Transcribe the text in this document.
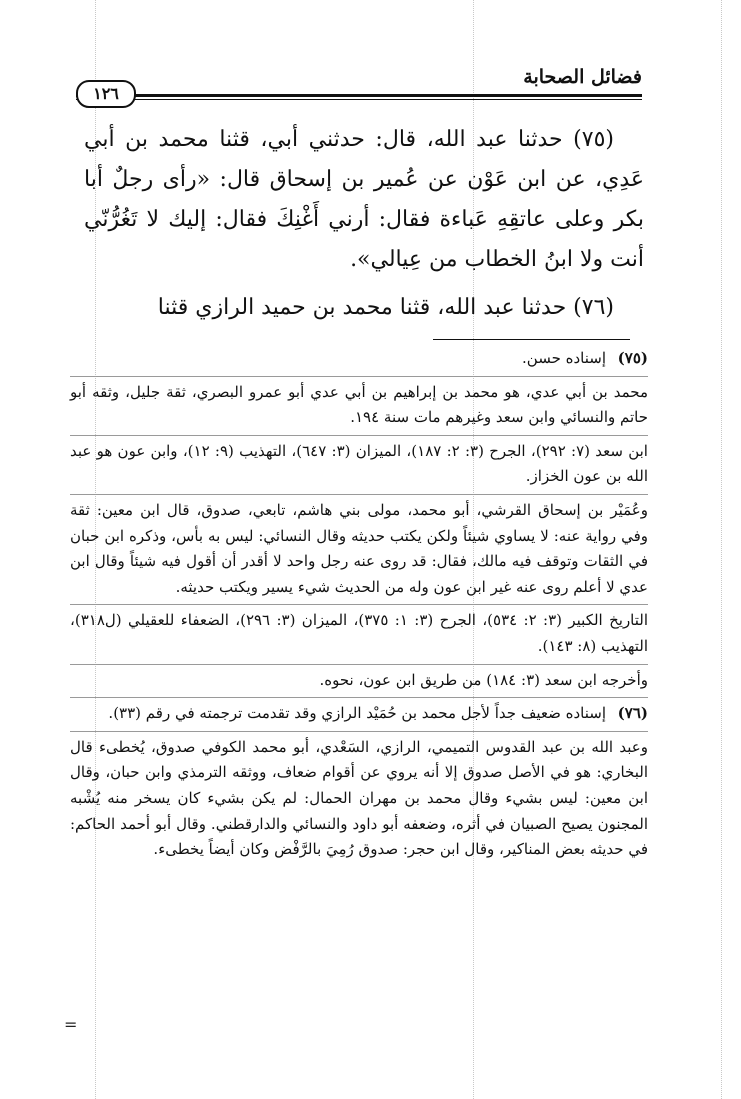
فضائل الصحابة
١٢٦

(٧٥) حدثنا عبد الله، قال: حدثني أبي، قثنا محمد بن أبي عَدِي، عن ابن عَوْن عن عُمير بن إسحاق قال: «رأى رجلٌ أبا بكر وعلى عاتقِهِ عَباءة فقال: أرني أَغْنِكَ فقال: إليك لا تَغُرُّنّي أنت ولا ابنُ الخطاب من عِيالي».

(٧٦) حدثنا عبد الله، قثنا محمد بن حميد الرازي قثنا

(٧٥)
إسناده حسن.

محمد بن أبي عدي، هو محمد بن إبراهيم بن أبي عدي أبو عمرو البصري، ثقة جليل، وثقه أبو حاتم والنسائي وابن سعد وغيرهم مات سنة ١٩٤.

ابن سعد (٧: ٢٩٢)، الجرح (٣: ٢: ١٨٧)، الميزان (٣: ٦٤٧)، التهذيب (٩: ١٢)، وابن عون هو عبد الله بن عون الخزاز.

وعُمَيْر بن إسحاق القرشي، أبو محمد، مولى بني هاشم، تابعي، صدوق، قال ابن معين: ثقة وفي رواية عنه: لا يساوي شيئاً ولكن يكتب حديثه وقال النسائي: ليس به بأس، وذكره ابن حبان في الثقات وتوقف فيه مالك، فقال: قد روى عنه رجل واحد لا أقدر أن أقول فيه شيئاً وقال ابن عدي لا أعلم روى عنه غير ابن عون وله من الحديث شيء يسير ويكتب حديثه.

التاريخ الكبير (٣: ٢: ٥٣٤)، الجرح (٣: ١: ٣٧٥)، الميزان (٣: ٢٩٦)، الضعفاء للعقيلي (ل٣١٨)، التهذيب (٨: ١٤٣).

وأخرجه ابن سعد (٣: ١٨٤) من طريق ابن عون، نحوه.

(٧٦)
إسناده ضعيف جداً لأجل محمد بن حُمَيْد الرازي وقد تقدمت ترجمته في رقم (٣٣).

وعبد الله بن عبد القدوس التميمي، الرازي، السَعْدي، أبو محمد الكوفي صدوق، يُخطىء قال البخاري: هو في الأصل صدوق إلا أنه يروي عن أقوام ضعاف، ووثقه الترمذي وابن حبان، وقال ابن معين: ليس بشيء وقال محمد بن مهران الحمال: لم يكن بشيء كان يسخر منه يُشْبه المجنون يصيح الصبيان في أثره، وضعفه أبو داود والنسائي والدارقطني. وقال أبو أحمد الحاكم: في حديثه بعض المناكير، وقال ابن حجر: صدوق رُمِيَ بالرَّفْض وكان أيضاً يخطىء.

=
